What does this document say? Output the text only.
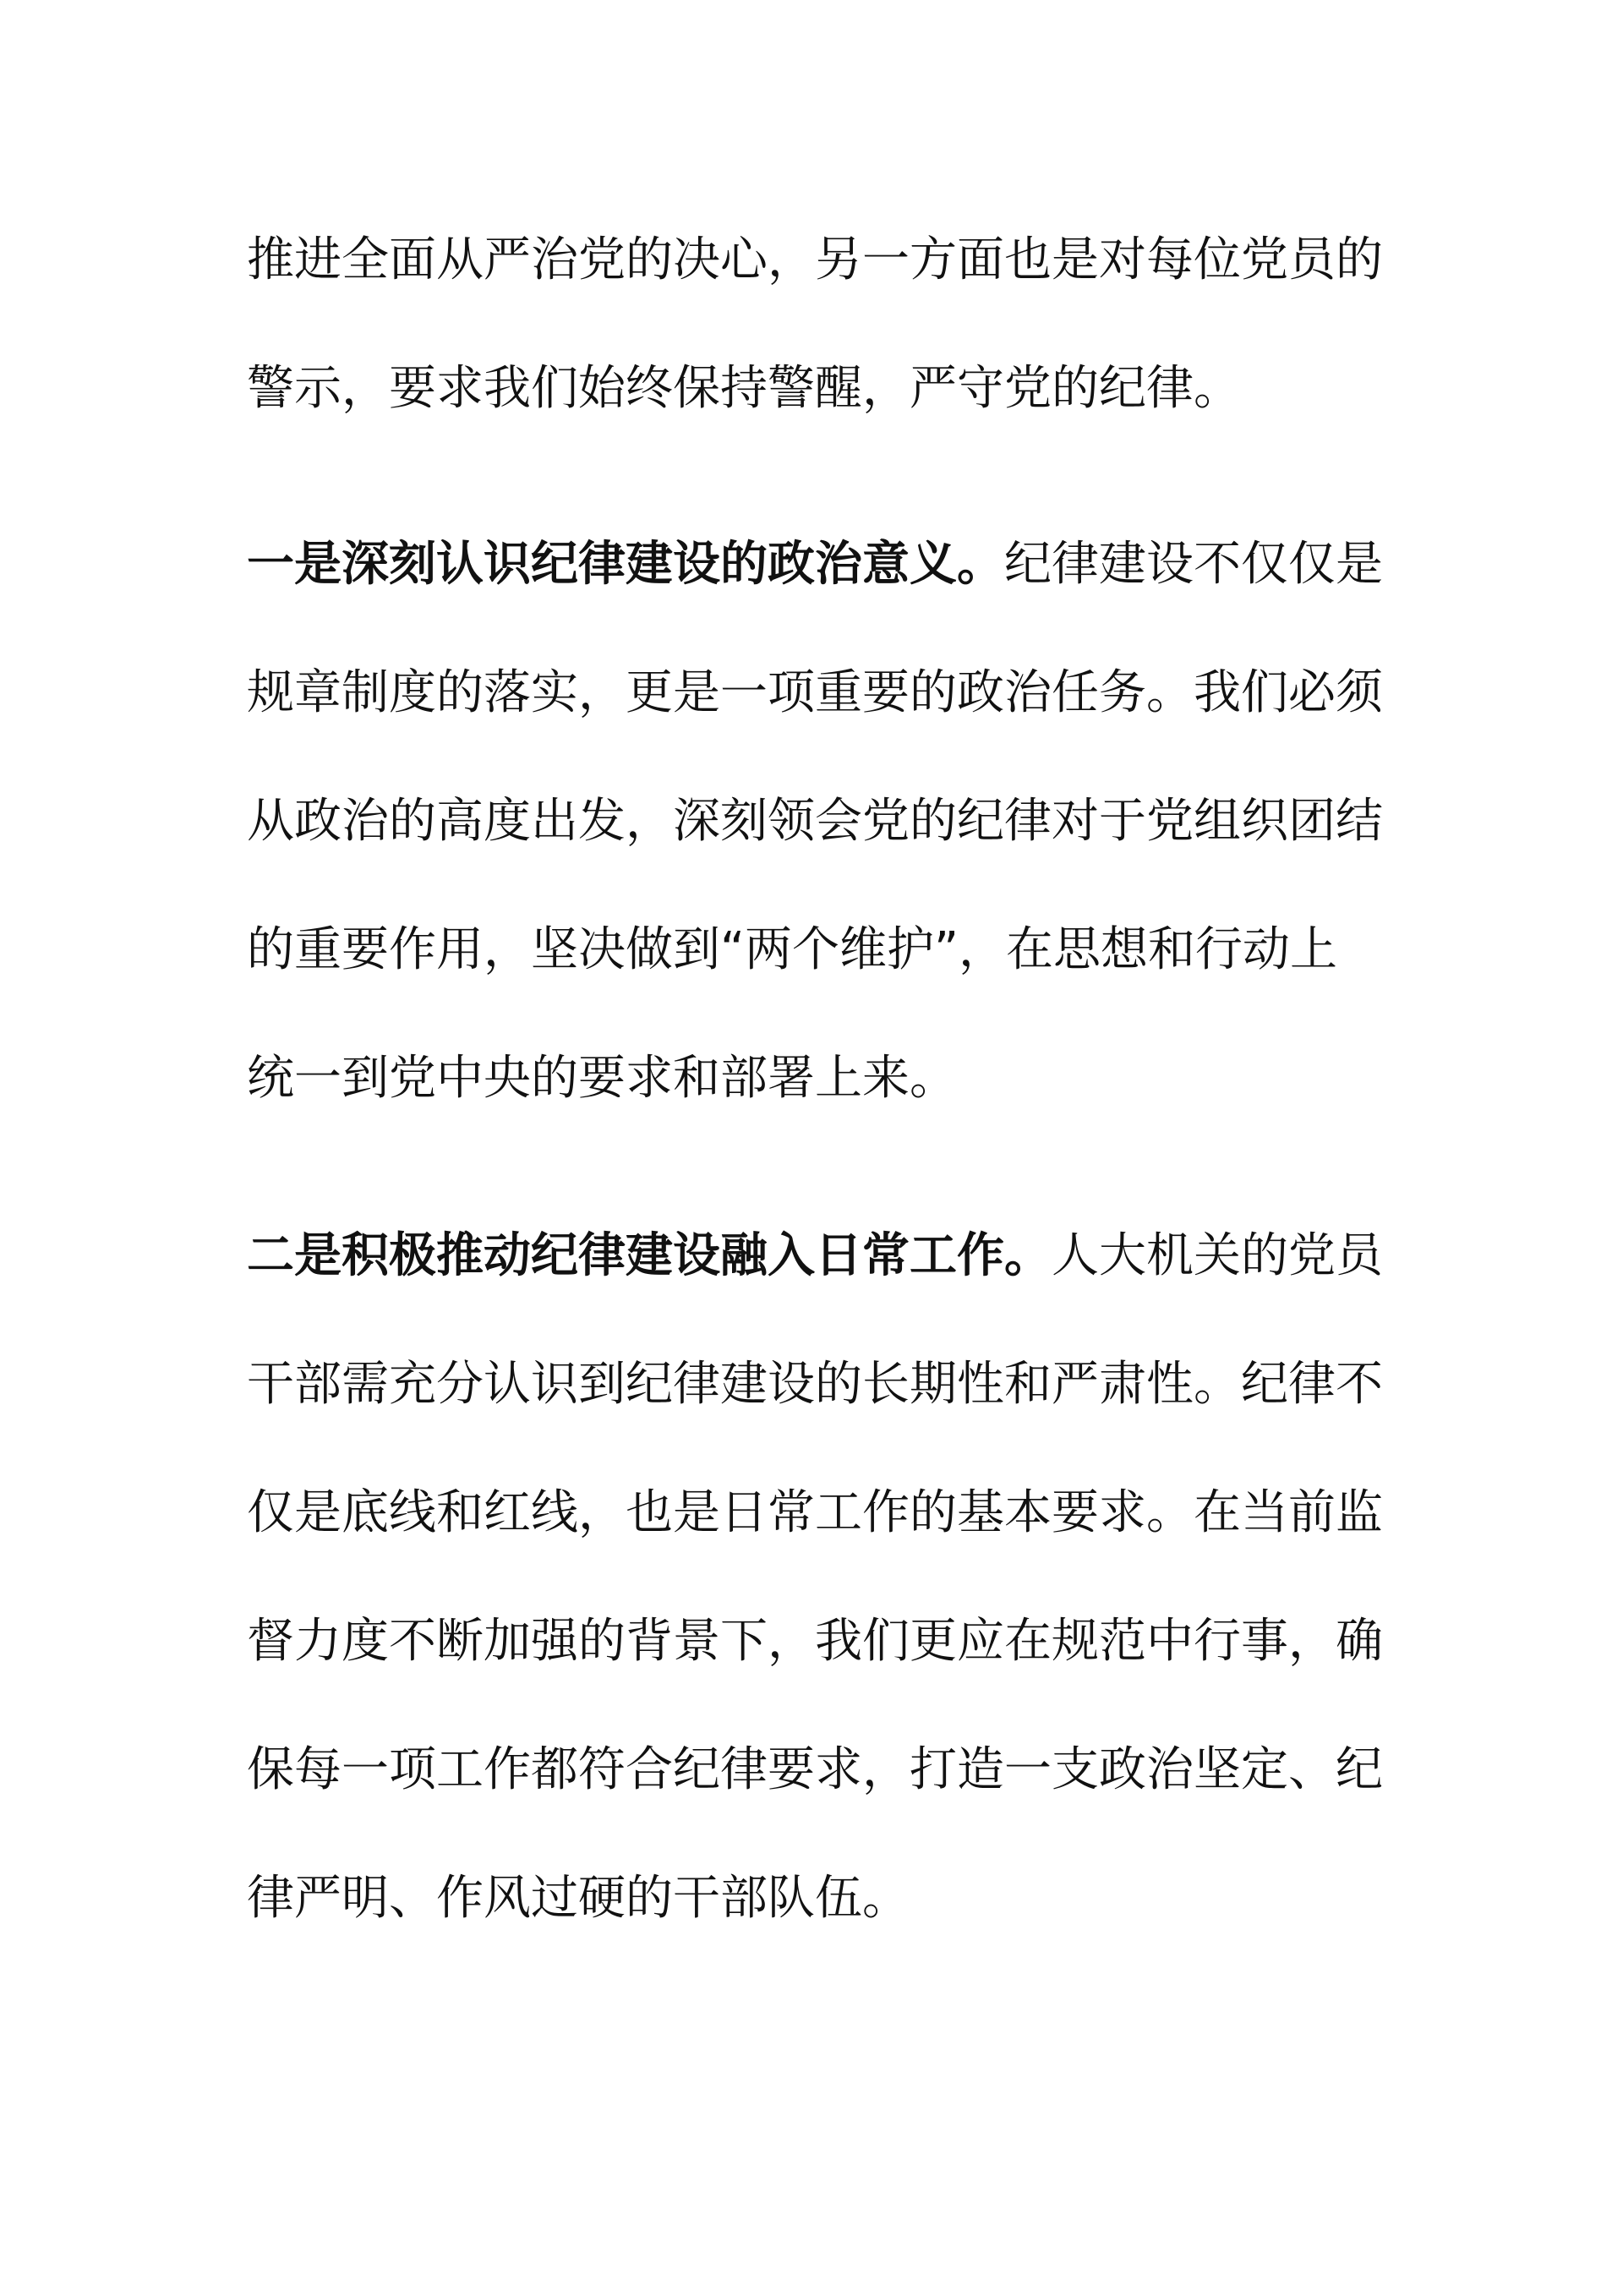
推进全面从严治党的决心，另一方面也是对每位党员的
警示，要求我们始终保持警醒，严守党的纪律。
一是深刻认识纪律建设的政治意义。纪律建设不仅仅是
规章制度的落实，更是一项重要的政治任务。我们必须
从政治的高度出发，深刻领会党的纪律对于党组织团结
的重要作用，坚决做到“两个维护”，在思想和行动上
统一到党中央的要求和部署上来。
二是积极推动纪律建设融入日常工作。人大机关的党员
干部需充分认识到纪律建设的长期性和严肃性。纪律不
仅是底线和红线，也是日常工作的基本要求。在当前监
督力度不断加强的背景下，我们更应在规范中行事，确
保每一项工作都符合纪律要求，打造一支政治坚定、纪
律严明、作风过硬的干部队伍。
